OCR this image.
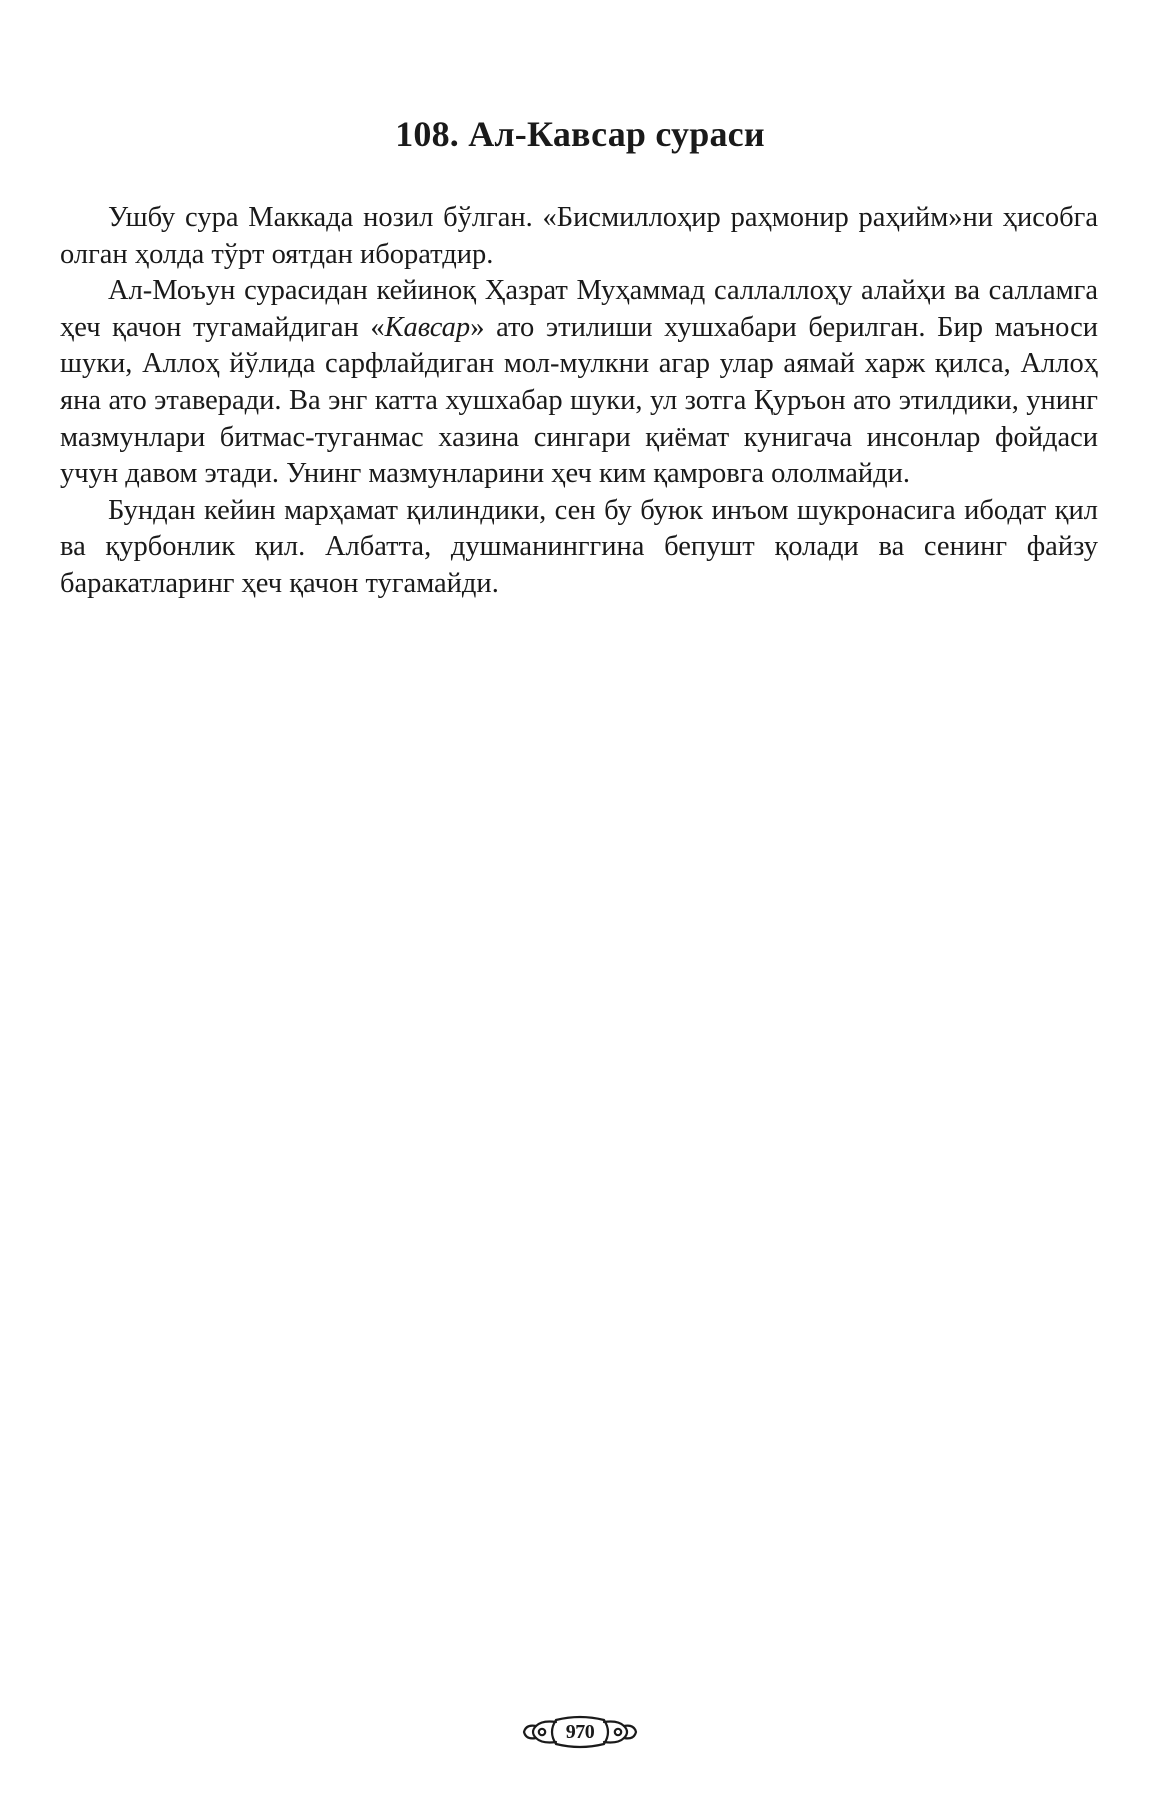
108. Ал-Кавсар сураси

Ушбу сура Маккада нозил бўлган. «Бисмиллоҳир раҳмонир раҳийм»ни ҳисобга олган ҳолда тўрт оятдан иборатдир.

Ал-Моъун сурасидан кейиноқ Ҳазрат Муҳаммад саллаллоҳу алайҳи ва салламга ҳеч қачон тугамайдиган «Кавсар» ато этилиши хушхабари берилган. Бир маъноси шуки, Аллоҳ йўлида сарфлайдиган мол-мулкни агар улар аямай харж қилса, Аллоҳ яна ато этаверади. Ва энг катта хушхабар шуки, ул зотга Қуръон ато этилдики, унинг мазмунлари битмас-туганмас хазина сингари қиёмат кунигача инсонлар фойдаси учун давом этади. Унинг мазмунларини ҳеч ким қамровга ололмайди.

Бундан кейин марҳамат қилиндики, сен бу буюк инъом шукронасига ибодат қил ва қурбонлик қил. Албатта, душманинггина бепушт қолади ва сенинг файзу баракатларинг ҳеч қачон тугамайди.

970
